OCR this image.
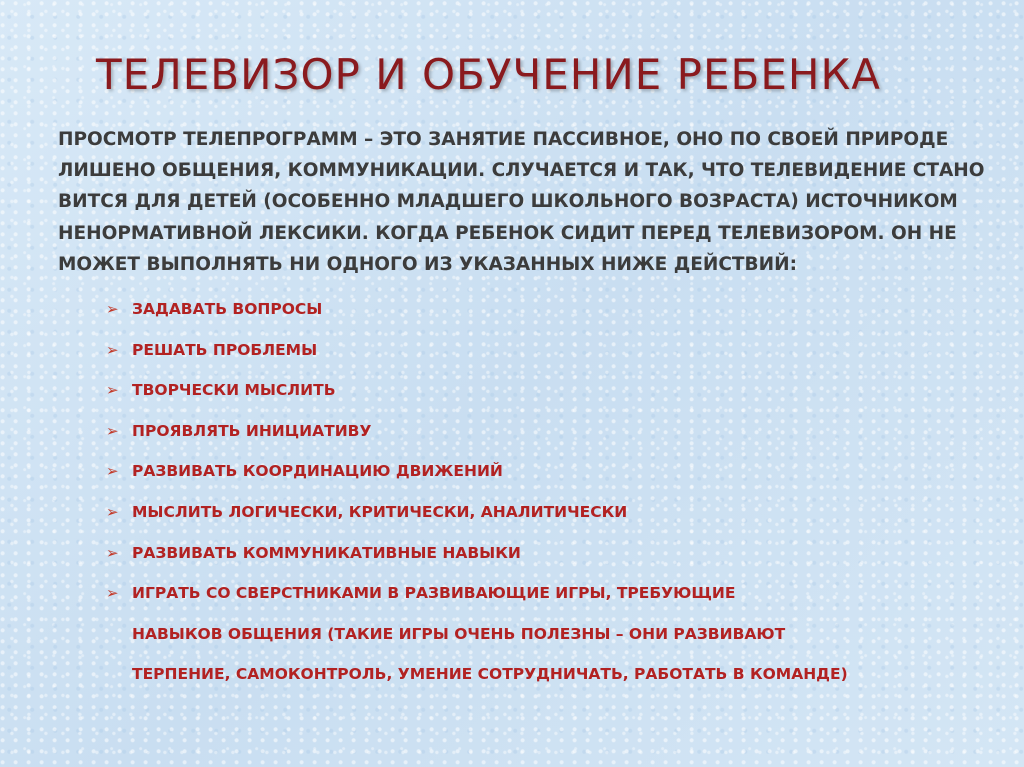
ТЕЛЕВИЗОР И ОБУЧЕНИЕ РЕБЕНКА

ПРОСМОТР ТЕЛЕПРОГРАММ – ЭТО ЗАНЯТИЕ ПАССИВНОЕ, ОНО ПО СВОЕЙ ПРИРОДЕ
ЛИШЕНО ОБЩЕНИЯ, КОММУНИКАЦИИ. СЛУЧАЕТСЯ И ТАК, ЧТО ТЕЛЕВИДЕНИЕ СТАНО
ВИТСЯ ДЛЯ ДЕТЕЙ (ОСОБЕННО МЛАДШЕГО ШКОЛЬНОГО ВОЗРАСТА) ИСТОЧНИКОМ
НЕНОРМАТИВНОЙ ЛЕКСИКИ. КОГДА РЕБЕНОК СИДИТ ПЕРЕД ТЕЛЕВИЗОРОМ. ОН НЕ
МОЖЕТ ВЫПОЛНЯТЬ НИ ОДНОГО ИЗ УКАЗАННЫХ НИЖЕ ДЕЙСТВИЙ:

➢ ЗАДАВАТЬ ВОПРОСЫ
➢ РЕШАТЬ ПРОБЛЕМЫ
➢ ТВОРЧЕСКИ МЫСЛИТЬ
➢ ПРОЯВЛЯТЬ ИНИЦИАТИВУ
➢ РАЗВИВАТЬ КООРДИНАЦИЮ ДВИЖЕНИЙ
➢ МЫСЛИТЬ ЛОГИЧЕСКИ, КРИТИЧЕСКИ, АНАЛИТИЧЕСКИ
➢ РАЗВИВАТЬ КОММУНИКАТИВНЫЕ НАВЫКИ
➢ ИГРАТЬ СО СВЕРСТНИКАМИ В РАЗВИВАЮЩИЕ ИГРЫ, ТРЕБУЮЩИЕ
НАВЫКОВ ОБЩЕНИЯ (ТАКИЕ ИГРЫ ОЧЕНЬ ПОЛЕЗНЫ – ОНИ РАЗВИВАЮТ
ТЕРПЕНИЕ, САМОКОНТРОЛЬ, УМЕНИЕ СОТРУДНИЧАТЬ, РАБОТАТЬ В КОМАНДЕ)
